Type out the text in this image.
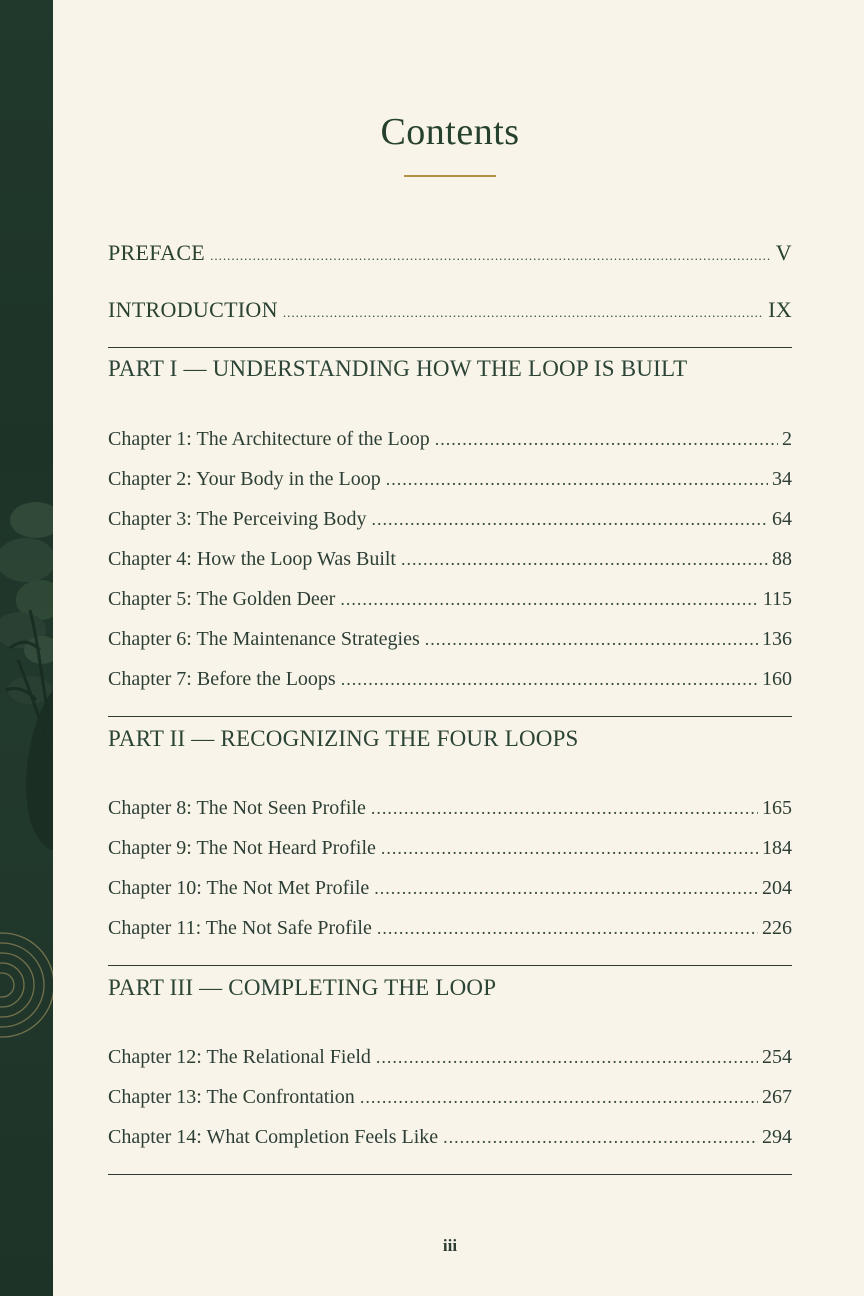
Contents
PREFACE .....	V
INTRODUCTION .....	IX
PART I — UNDERSTANDING HOW THE LOOP IS BUILT
Chapter 1: The Architecture of the Loop .....	2
Chapter 2: Your Body in the Loop .....	34
Chapter 3: The Perceiving Body .....	64
Chapter 4: How the Loop Was Built .....	88
Chapter 5: The Golden Deer .....	115
Chapter 6: The Maintenance Strategies .....	136
Chapter 7: Before the Loops .....	160
PART II — RECOGNIZING THE FOUR LOOPS
Chapter 8: The Not Seen Profile .....	165
Chapter 9: The Not Heard Profile .....	184
Chapter 10: The Not Met Profile .....	204
Chapter 11: The Not Safe Profile .....	226
PART III — COMPLETING THE LOOP
Chapter 12: The Relational Field .....	254
Chapter 13: The Confrontation .....	267
Chapter 14: What Completion Feels Like .....	294
iii
